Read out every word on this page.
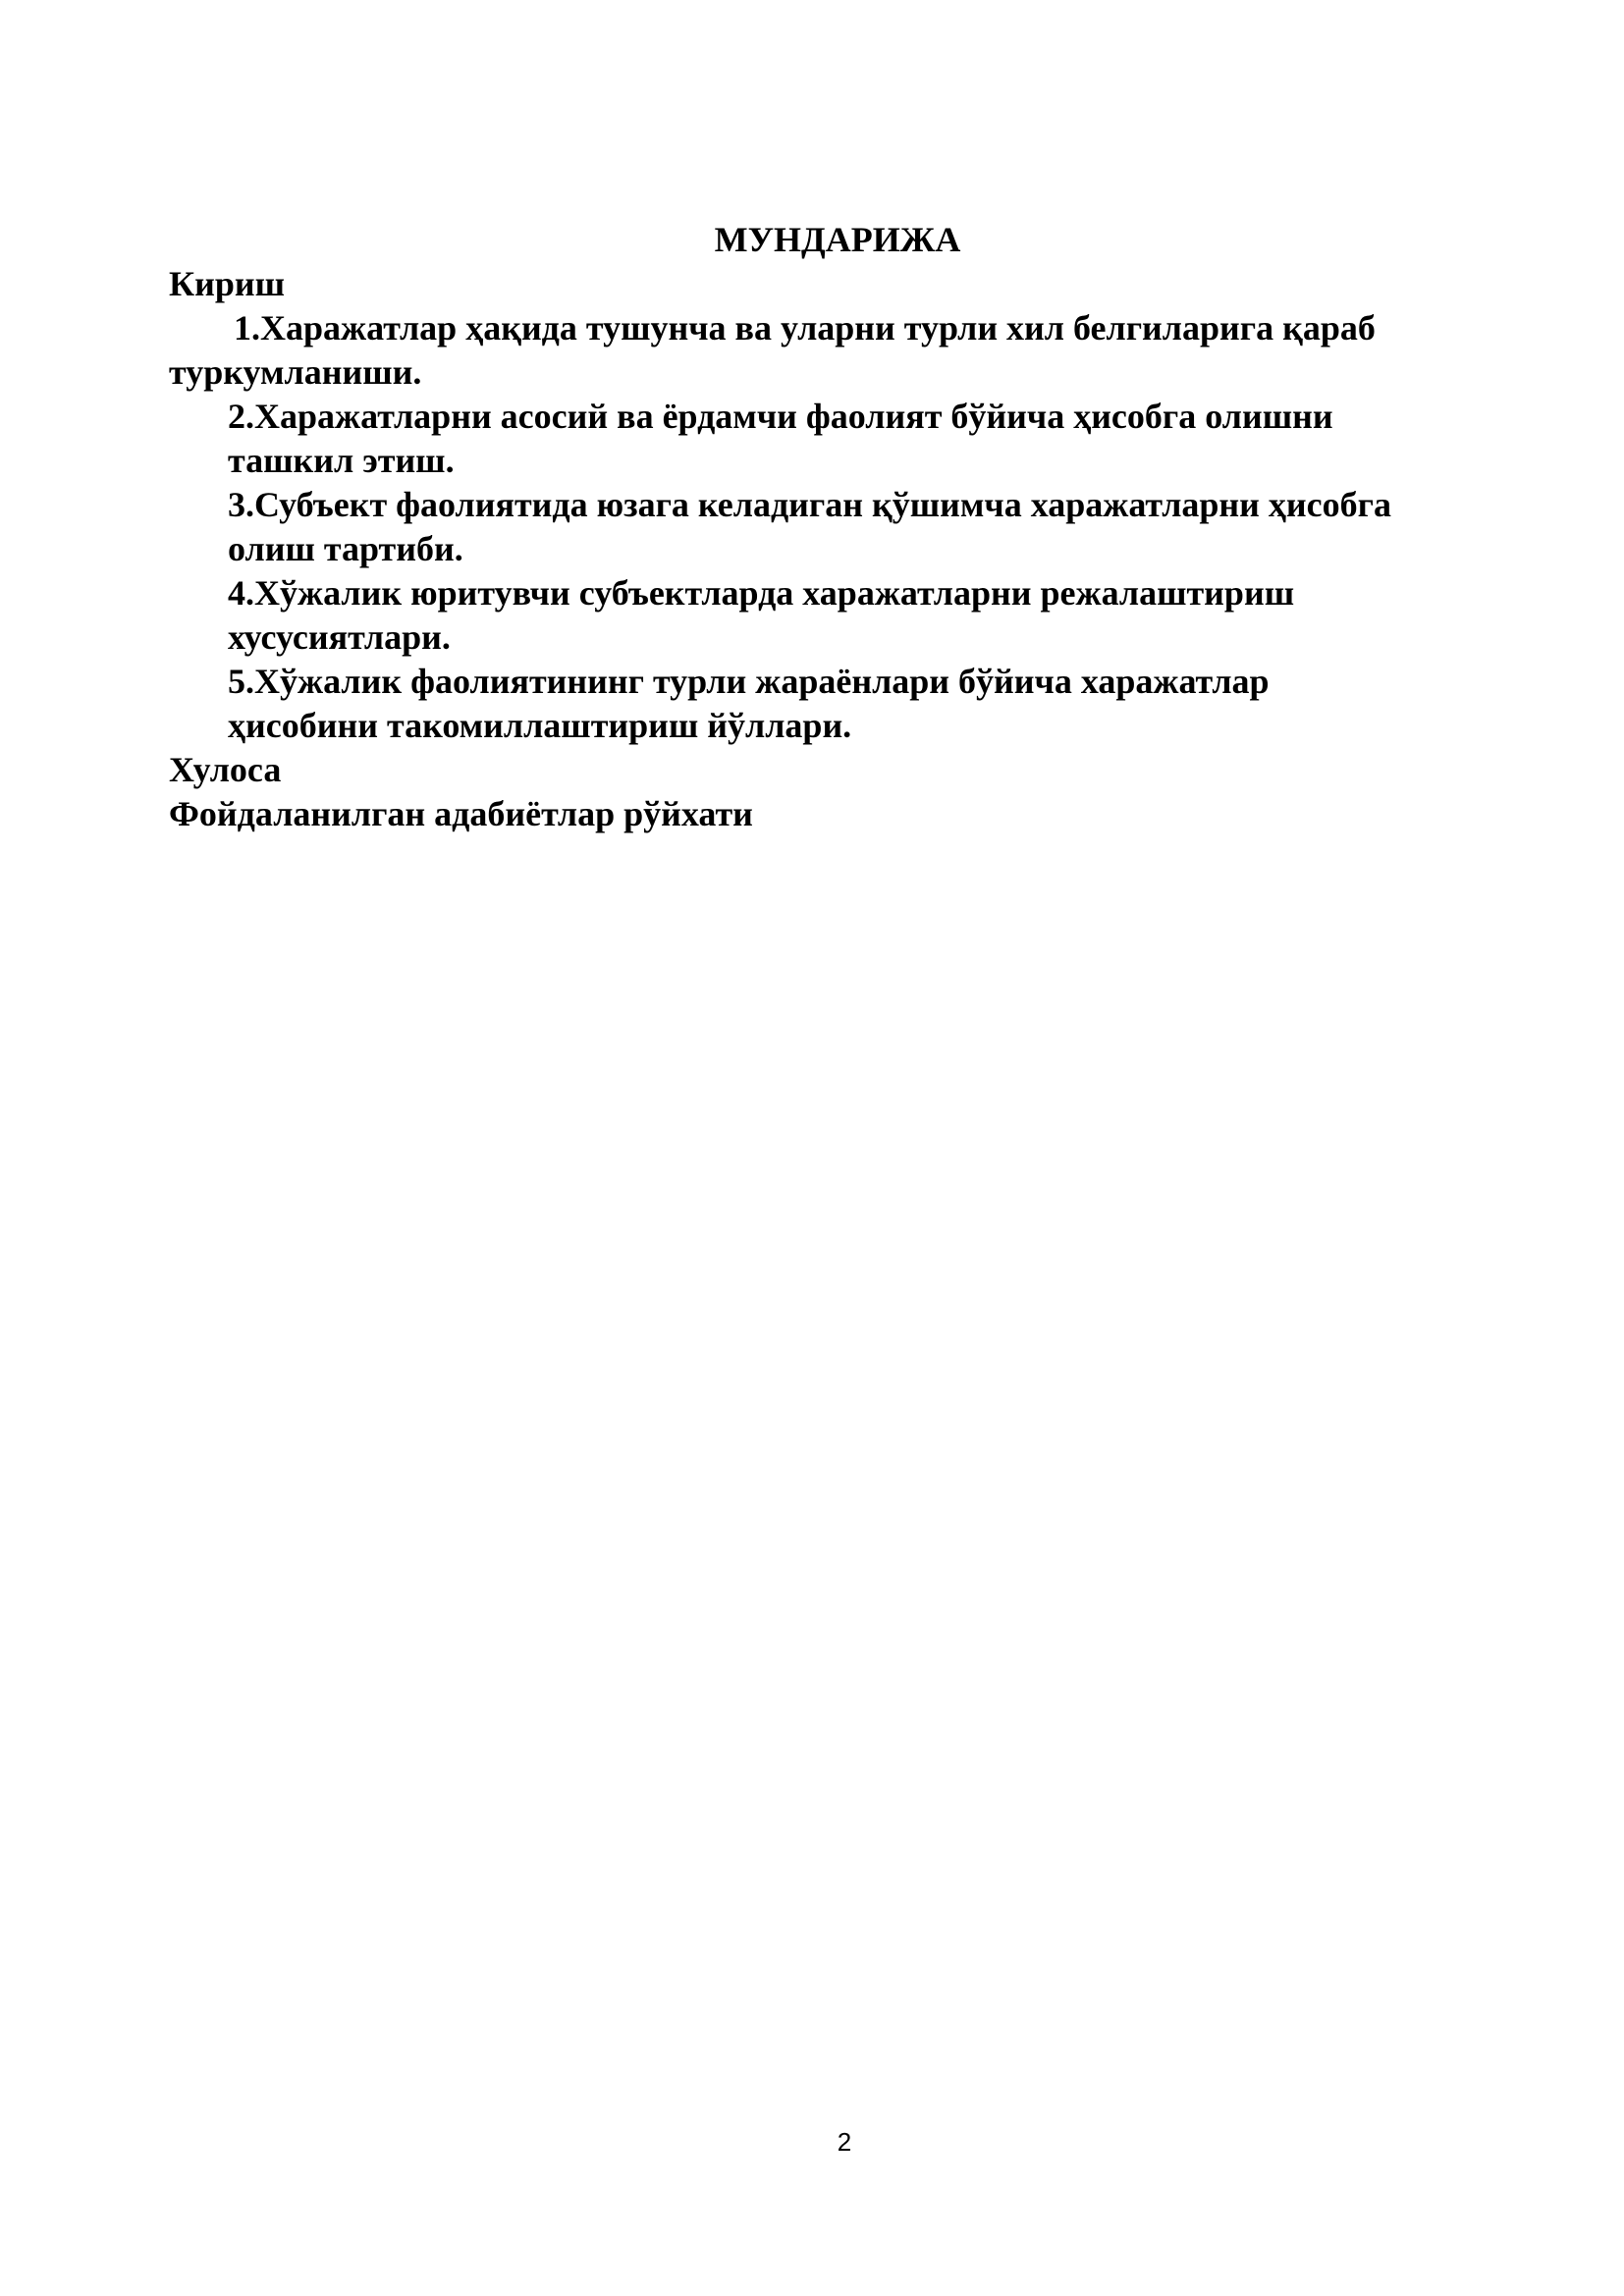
МУНДАРИЖА
Кириш
1.Харажатлар ҳақида тушунча ва уларни турли хил белгиларига қараб
туркумланиши.
2.Харажатларни асосий ва ёрдамчи фаолият бўйича ҳисобга олишни
ташкил этиш.
3.Субъект фаолиятида юзага келадиган қўшимча харажатларни ҳисобга
олиш тартиби.
4.Хўжалик юритувчи субъектларда харажатларни режалаштириш
хусусиятлари.
5.Хўжалик фаолиятининг турли жараёнлари бўйича харажатлар
ҳисобини такомиллаштириш йўллари.
Хулоса
Фойдаланилган адабиётлар рўйхати
2
